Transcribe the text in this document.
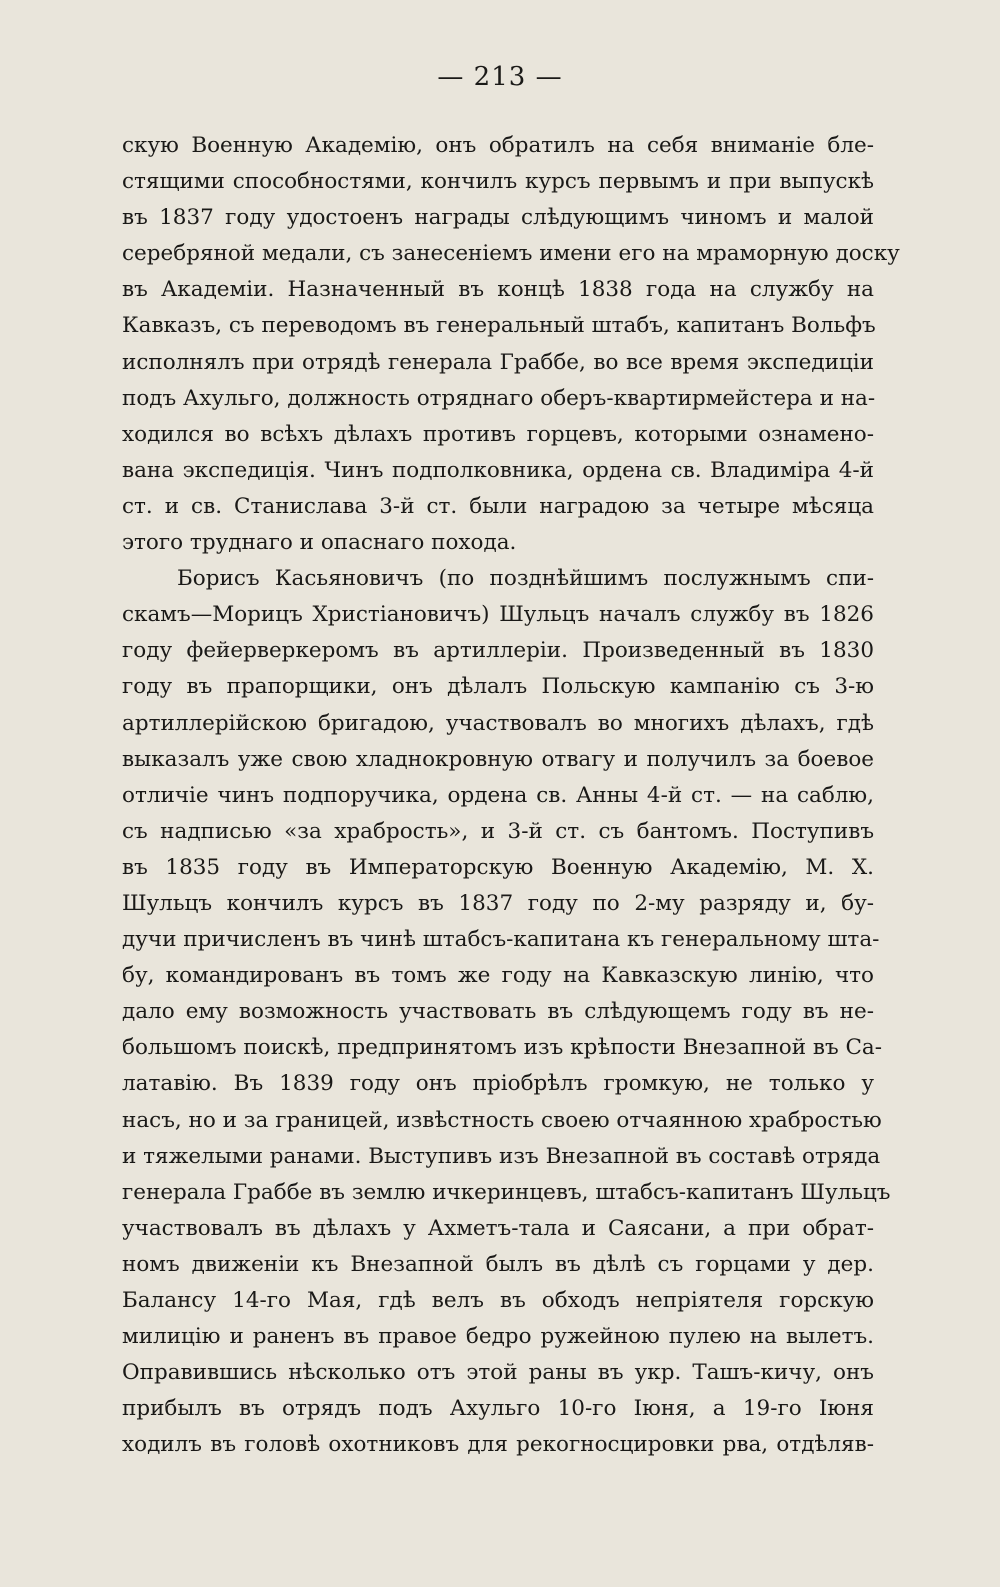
— 213 —
скую Военную Академію, онъ обратилъ на себя вниманіе бле-
стящими способностями, кончилъ курсъ первымъ и при выпускѣ
въ 1837 году удостоенъ награды слѣдующимъ чиномъ и малой
серебряной медали, съ занесеніемъ имени его на мраморную доску
въ Академіи. Назначенный въ концѣ 1838 года на службу на
Кавказъ, съ переводомъ въ генеральный штабъ, капитанъ Вольфъ
исполнялъ при отрядѣ генерала Граббе, во все время экспедиціи
подъ Ахульго, должность отряднаго оберъ-квартирмейстера и на-
ходился во всѣхъ дѣлахъ противъ горцевъ, которыми ознамено-
вана экспедиція. Чинъ подполковника, ордена св. Владиміра 4-й
ст. и св. Станислава 3-й ст. были наградою за четыре мѣсяца
этого труднаго и опаснаго похода.
Борисъ Касьяновичъ (по позднѣйшимъ послужнымъ спи-
скамъ—Морицъ Христіановичъ) Шульцъ началъ службу въ 1826
году фейерверкеромъ въ артиллеріи. Произведенный въ 1830
году въ прапорщики, онъ дѣлалъ Польскую кампанію съ 3-ю
артиллерійскою бригадою, участвовалъ во многихъ дѣлахъ, гдѣ
выказалъ уже свою хладнокровную отвагу и получилъ за боевое
отличіе чинъ подпоручика, ордена св. Анны 4-й ст. — на саблю,
съ надписью «за храбрость», и 3-й ст. съ бантомъ. Поступивъ
въ 1835 году въ Императорскую Военную Академію, М. Х.
Шульцъ кончилъ курсъ въ 1837 году по 2-му разряду и, бу-
дучи причисленъ въ чинѣ штабсъ-капитана къ генеральному шта-
бу, командированъ въ томъ же году на Кавказскую линію, что
дало ему возможность участвовать въ слѣдующемъ году въ не-
большомъ поискѣ, предпринятомъ изъ крѣпости Внезапной въ Са-
латавію. Въ 1839 году онъ пріобрѣлъ громкую, не только у
насъ, но и за границей, извѣстность своею отчаянною храбростью
и тяжелыми ранами. Выступивъ изъ Внезапной въ составѣ отряда
генерала Граббе въ землю ичкеринцевъ, штабсъ-капитанъ Шульцъ
участвовалъ въ дѣлахъ у Ахметъ-тала и Саясани, а при обрат-
номъ движеніи къ Внезапной былъ въ дѣлѣ съ горцами у дер.
Балансу 14-го Мая, гдѣ велъ въ обходъ непріятеля горскую
милицію и раненъ въ правое бедро ружейною пулею на вылетъ.
Оправившись нѣсколько отъ этой раны въ укр. Ташъ-кичу, онъ
прибылъ въ отрядъ подъ Ахульго 10-го Іюня, а 19-го Іюня
ходилъ въ головѣ охотниковъ для рекогносцировки рва, отдѣляв-
